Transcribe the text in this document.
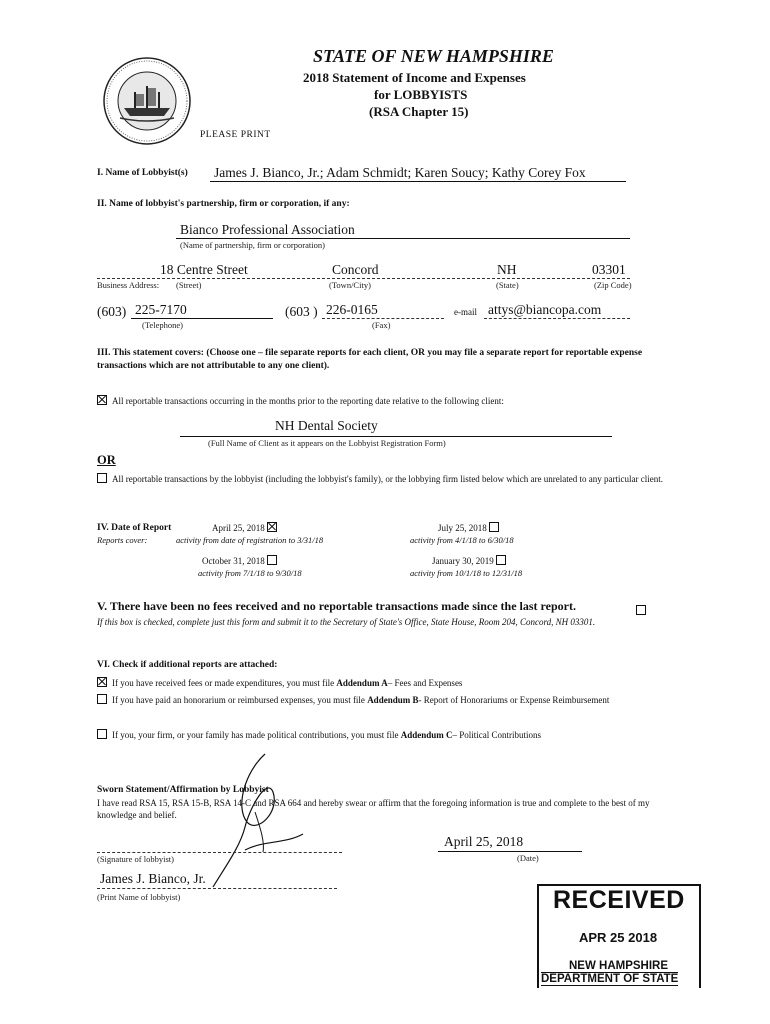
STATE OF NEW HAMPSHIRE
2018 Statement of Income and Expenses
for LOBBYISTS
(RSA Chapter 15)
PLEASE PRINT
I. Name of Lobbyist(s) James J. Bianco, Jr.; Adam Schmidt; Karen Soucy; Kathy Corey Fox
II. Name of lobbyist's partnership, firm or corporation, if any:
Bianco Professional Association
(Name of partnership, firm or corporation)
18 Centre Street	Concord	NH	03301
Business Address: (Street)	(Town/City)	(State)	(Zip Code)
(603) 225-7170
(Telephone)
(603 ) 226-0165
(Fax)
e-mail attys@biancopa.com
III. This statement covers: (Choose one – file separate reports for each client, OR you may file a separate report for reportable expense transactions which are not attributable to any one client).
All reportable transactions occurring in the months prior to the reporting date relative to the following client:
NH Dental Society
(Full Name of Client as it appears on the Lobbyist Registration Form)
OR
All reportable transactions by the lobbyist (including the lobbyist's family), or the lobbying firm listed below which are unrelated to any particular client.
IV. Date of Report
Reports cover:
April 25, 2018
activity from date of registration to 3/31/18
July 25, 2018
activity from 4/1/18 to 6/30/18
October 31, 2018
activity from 7/1/18 to 9/30/18
January 30, 2019
activity from 10/1/18 to 12/31/18
V. There have been no fees received and no reportable transactions made since the last report.
If this box is checked, complete just this form and submit it to the Secretary of State's Office, State House, Room 204, Concord, NH 03301.
VI. Check if additional reports are attached:
If you have received fees or made expenditures, you must file Addendum A– Fees and Expenses
If you have paid an honorarium or reimbursed expenses, you must file Addendum B- Report of Honorariums or Expense Reimbursement
If you, your firm, or your family has made political contributions, you must file Addendum C– Political Contributions
Sworn Statement/Affirmation by Lobbyist
I have read RSA 15, RSA 15-B, RSA 14-C and RSA 664 and hereby swear or affirm that the foregoing information is true and complete to the best of my knowledge and belief.
(Signature of lobbyist)
April 25, 2018
(Date)
James J. Bianco, Jr.
(Print Name of lobbyist)	RECEIVED
APR 25 2018
NEW HAMPSHIRE
DEPARTMENT OF STATE
